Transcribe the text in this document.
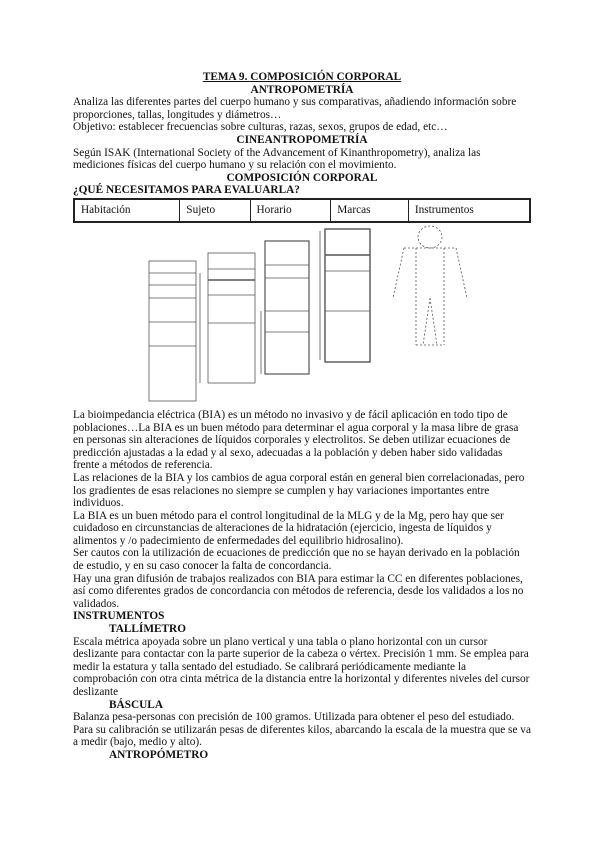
TEMA 9. COMPOSICIÓN CORPORAL
ANTROPOMETRÍA

Analiza las diferentes partes del cuerpo humano y sus comparativas, añadiendo información sobre proporciones, tallas, longitudes y diámetros…

Objetivo: establecer frecuencias sobre culturas, razas, sexos, grupos de edad, etc…

CINEANTROPOMETRÍA

Según ISAK (International Society of the Advancement of Kinanthropometry), analiza las mediciones físicas del cuerpo humano y su relación con el movimiento.

COMPOSICIÓN CORPORAL
¿QUÉ NECESITAMOS PARA EVALUARLA?
Habitación	Sujeto	Horario	Marcas	Instrumentos

La bioimpedancia eléctrica (BIA) es un método no invasivo y de fácil aplicación en todo tipo de poblaciones…La BIA es un buen método para determinar el agua corporal y la masa libre de grasa en personas sin alteraciones de líquidos corporales y electrolitos. Se deben utilizar ecuaciones de predicción ajustadas a la edad y al sexo, adecuadas a la población y deben haber sido validadas frente a métodos de referencia.

Las relaciones de la BIA y los cambios de agua corporal están en general bien correlacionadas, pero los gradientes de esas relaciones no siempre se cumplen y hay variaciones importantes entre individuos.

La BIA es un buen método para el control longitudinal de la MLG y de la Mg, pero hay que ser cuidadoso en circunstancias de alteraciones de la hidratación (ejercicio, ingesta de líquidos y alimentos y /o padecimiento de enfermedades del equilibrio hidrosalino).

Ser cautos con la utilización de ecuaciones de predicción que no se hayan derivado en la población de estudio, y en su caso conocer la falta de concordancia.

Hay una gran difusión de trabajos realizados con BIA para estimar la CC en diferentes poblaciones, así como diferentes grados de concordancia con métodos de referencia, desde los validados a los no validados.

INSTRUMENTOS
TALLÍMETRO

Escala métrica apoyada sobre un plano vertical y una tabla o plano horizontal con un cursor deslizante para contactar con la parte superior de la cabeza o vértex. Precisión 1 mm. Se emplea para medir la estatura y talla sentado del estudiado. Se calibrará periódicamente mediante la comprobación con otra cinta métrica de la distancia entre la horizontal y diferentes niveles del cursor deslizante

BÁSCULA

Balanza pesa-personas con precisión de 100 gramos. Utilizada para obtener el peso del estudiado. Para su calibración se utilizarán pesas de diferentes kilos, abarcando la escala de la muestra que se va a medir (bajo, medio y alto).

ANTROPÓMETRO
